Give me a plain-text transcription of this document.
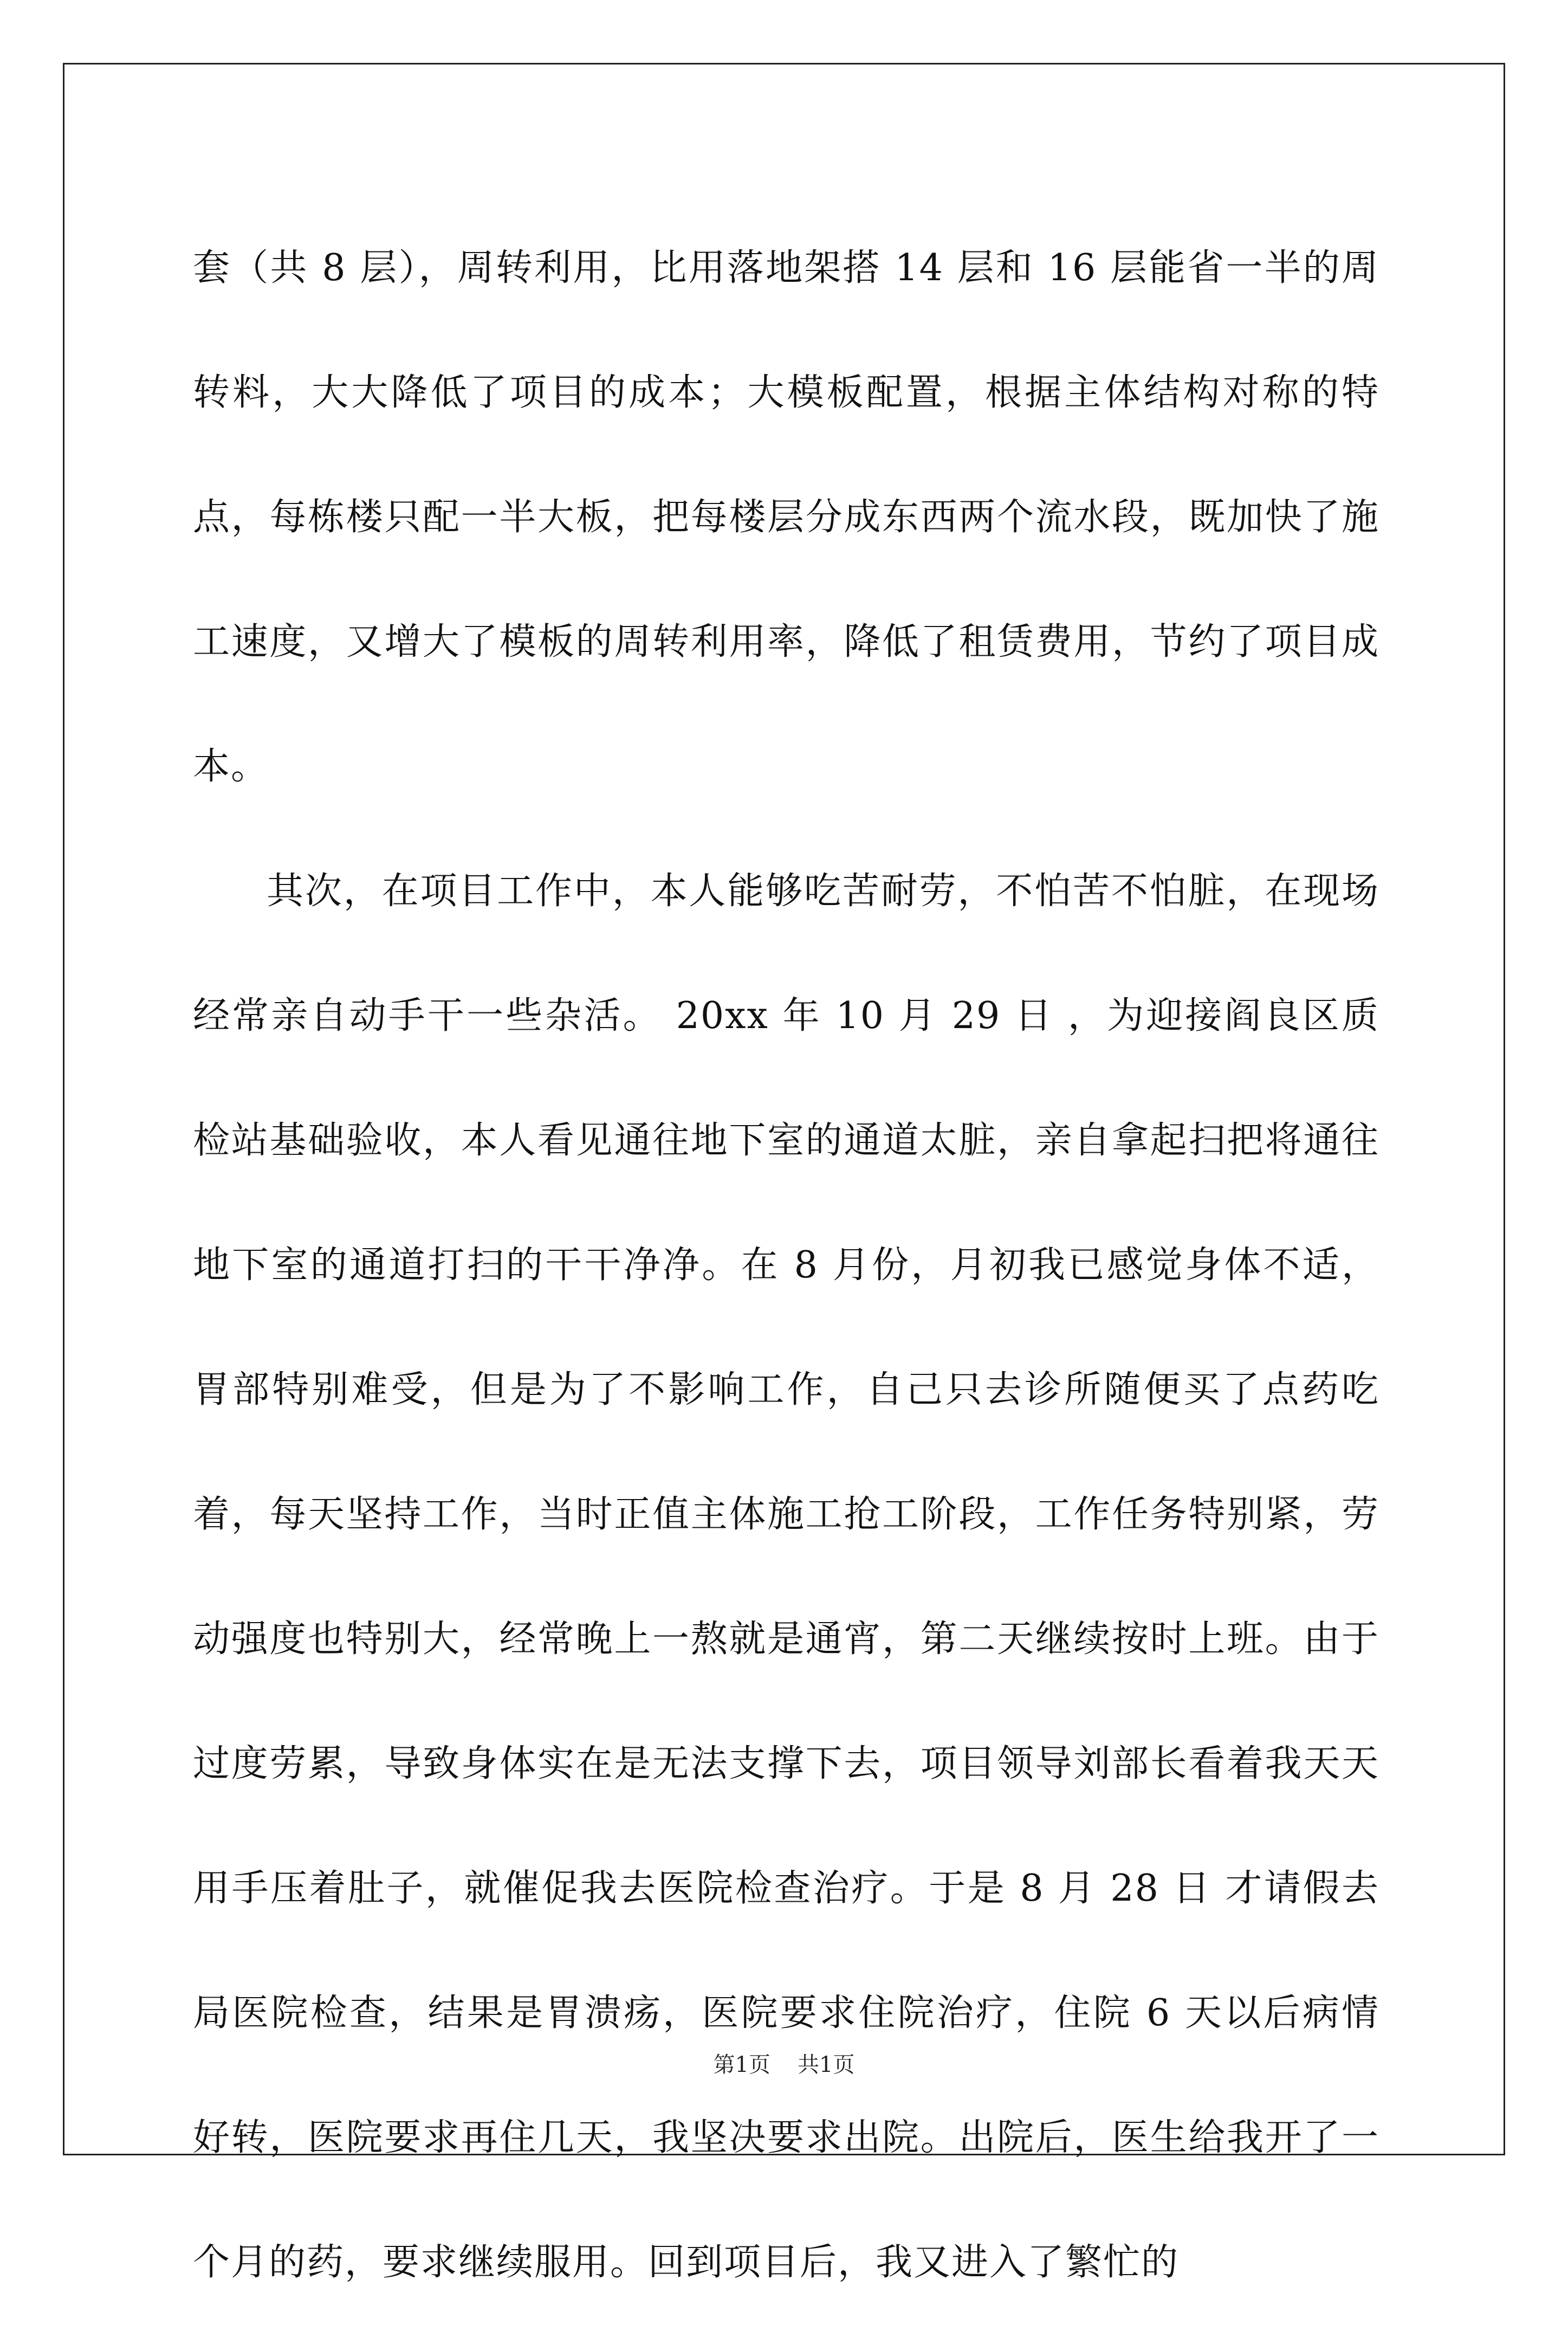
套（共 8 层），周转利用，比用落地架搭 14 层和 16 层能省一半的周转料，大大降低了项目的成本；大模板配置，根据主体结构对称的特点，每栋楼只配一半大板，把每楼层分成东西两个流水段，既加快了施工速度，又增大了模板的周转利用率，降低了租赁费用，节约了项目成本。

其次，在项目工作中，本人能够吃苦耐劳，不怕苦不怕脏，在现场经常亲自动手干一些杂活。 20xx 年 10 月 29 日 ，为迎接阎良区质检站基础验收，本人看见通往地下室的通道太脏，亲自拿起扫把将通往地下室的通道打扫的干干净净。在 8 月份，月初我已感觉身体不适，胃部特别难受，但是为了不影响工作，自己只去诊所随便买了点药吃着，每天坚持工作，当时正值主体施工抢工阶段，工作任务特别紧，劳动强度也特别大，经常晚上一熬就是通宵，第二天继续按时上班。由于过度劳累，导致身体实在是无法支撑下去，项目领导刘部长看着我天天用手压着肚子，就催促我去医院检查治疗。于是 8 月 28 日 才请假去局医院检查，结果是胃溃疡，医院要求住院治疗，住院 6 天以后病情好转，医院要求再住几天，我坚决要求出院。出院后，医生给我开了一个月的药，要求继续服用。回到项目后，我又进入了繁忙的

第1页 共1页
